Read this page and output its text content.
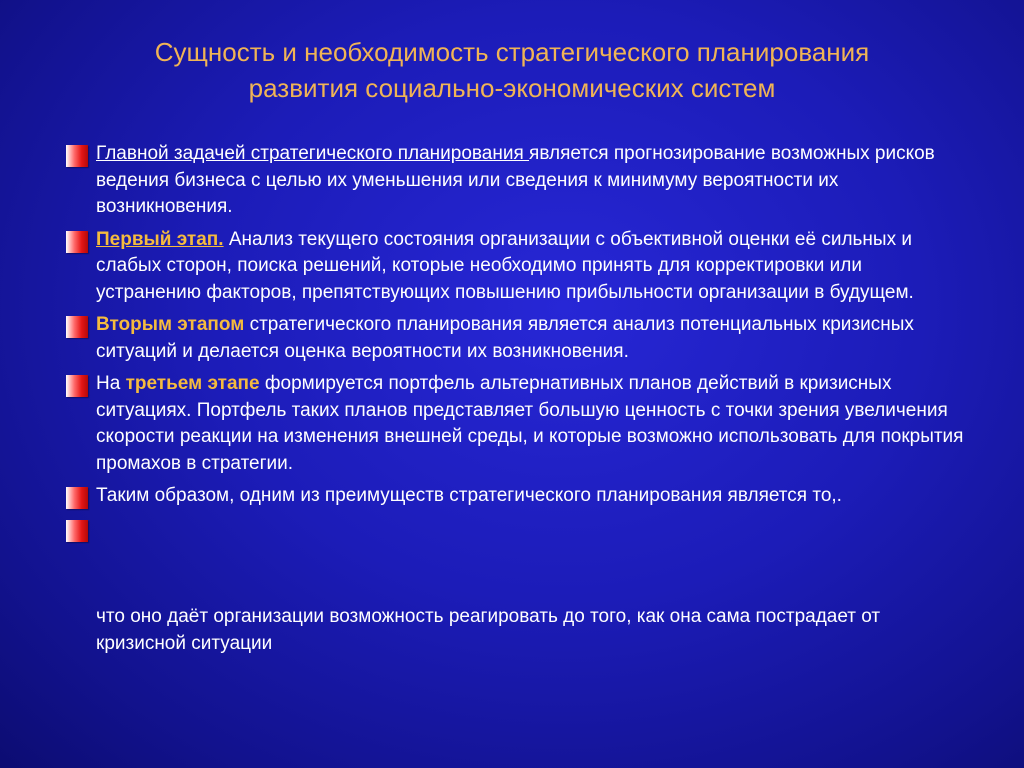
Сущность и необходимость стратегического планирования
развития социально-экономических систем
Главной задачей стратегического планирования является прогнозирование возможных рисков ведения бизнеса с целью их уменьшения или сведения к минимуму вероятности их возникновения.
Первый этап. Анализ текущего состояния организации с объективной оценки её сильных и слабых сторон, поиска решений, которые необходимо принять для корректировки или устранению факторов, препятствующих повышению прибыльности организации в будущем.
Вторым этапом стратегического планирования является анализ потенциальных кризисных ситуаций и делается оценка вероятности их возникновения.
На третьем этапе формируется портфель альтернативных планов действий в кризисных ситуациях. Портфель таких планов представляет большую ценность с точки зрения увеличения скорости реакции на изменения внешней среды, и которые возможно использовать для покрытия промахов в стратегии.
Таким образом, одним из преимуществ стратегического планирования является то,.
что оно даёт организации возможность реагировать до того, как она сама пострадает от кризисной ситуации
